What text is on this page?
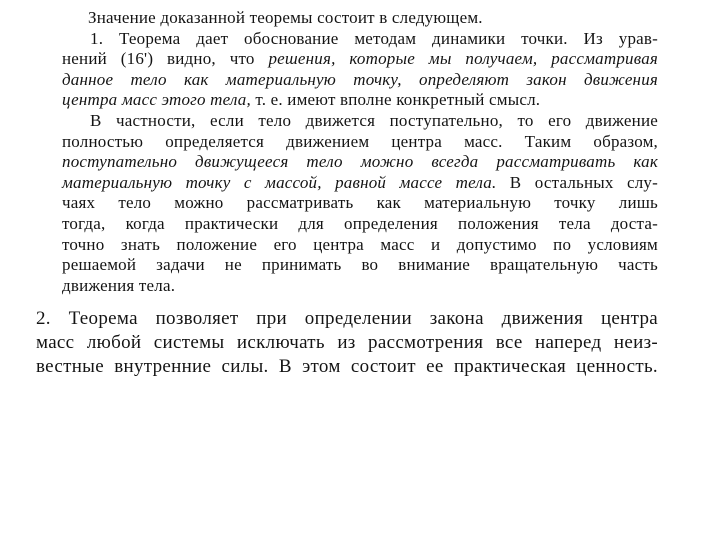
Значение доказанной теоремы состоит в следующем.
1. Теорема дает обоснование методам динамики точки. Из урав-
нений (16') видно, что решения, которые мы получаем, рассматривая
данное тело как материальную точку, определяют закон движения
центра масс этого тела, т. е. имеют вполне конкретный смысл.
В частности, если тело движется поступательно, то его движение
полностью определяется движением центра масс. Таким образом,
поступательно движущееся тело можно всегда рассматривать как
материальную точку с массой, равной массе тела. В остальных слу-
чаях тело можно рассматривать как материальную точку лишь
тогда, когда практически для определения положения тела доста-
точно знать положение его центра масс и допустимо по условиям
решаемой задачи не принимать во внимание вращательную часть
движения тела.
2. Теорема позволяет при определении закона движения центра
масс любой системы исключать из рассмотрения все наперед неиз-
вестные внутренние силы. В этом состоит ее практическая ценность.
